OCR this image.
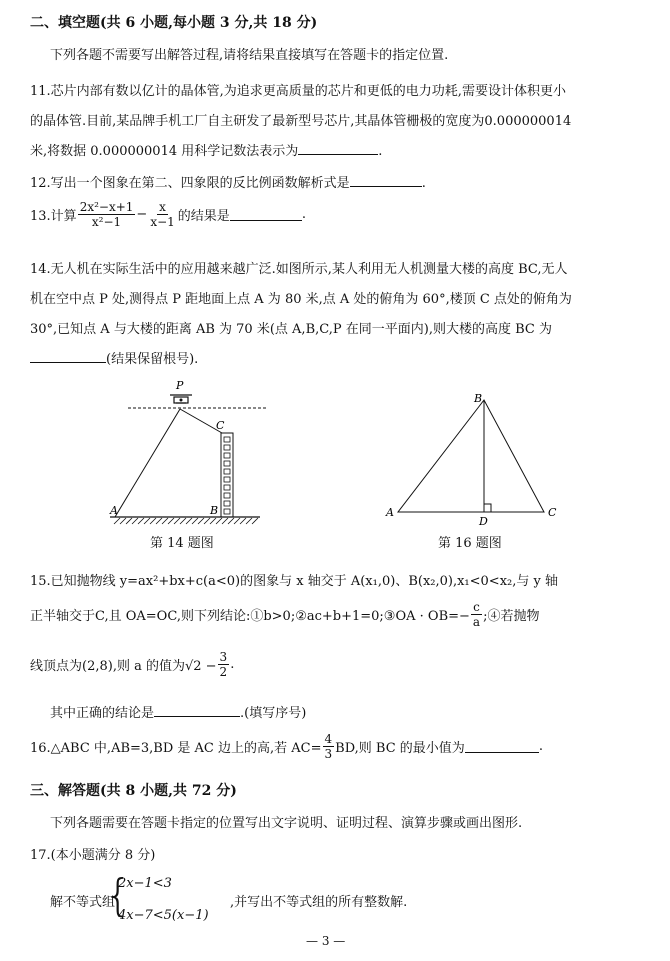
二、填空题(共 6 小题,每小题 3 分,共 18 分)
下列各题不需要写出解答过程,请将结果直接填写在答题卡的指定位置.
11.芯片内部有数以亿计的晶体管,为追求更高质量的芯片和更低的电力功耗,需要设计体积更小
的晶体管.目前,某品牌手机工厂自主研发了最新型号芯片,其晶体管栅极的宽度为0.000000014
米,将数据 0.000000014 用科学记数法表示为	.
12.写出一个图象在第二、四象限的反比例函数解析式是	.
13.计算 $\frac{\text{2x²−x+1}}{\text{x²−1}} - \frac{x}{x-1}$ 的结果是	.
14.无人机在实际生活中的应用越来越广泛.如图所示,某人利用无人机测量大楼的高度 BC,无人
机在空中点 P 处,测得点 P 距地面上点 A 为 80 米,点 A 处的俯角为 60°,楼顶 C 点处的俯角为
30°,已知点 A 与大楼的距离 AB 为 70 米(点 A,B,C,P 在同一平面内),则大楼的高度 BC 为
(结果保留根号).
P
C
A	B
第 14 题图
B
A
D
C
第 16 题图
15.已知抛物线 y=ax²+bx+c(a<0)的图象与 x 轴交于 A(x₁,0)、B(x₂,0),x₁<0<x₂,与 y 轴
正半轴交于C,且 OA=OC,则下列结论:①b>0;②ac+b+1=0;③OA · $OB=- \frac{c}{a}$ ;④若抛物
线顶点为(2,8),则 a 的值为$√2 - \frac{3}{2}$ .
其中正确的结论是	.(填写序号)
16.△ABC 中,AB=3,BD 是 AC 边上的高,若 $AC= \frac{4}{3}$ BD,则 BC 的最小值为	.
三、解答题(共 8 小题,共 72 分)
下列各题需要在答题卡指定的位置写出文字说明、证明过程、演算步骤或画出图形.
17.(本小题满分 8 分)
解不等式组
{
2x−1<3
4x−7<5(x−1)
,并写出不等式组的所有整数解.
— 3 —
